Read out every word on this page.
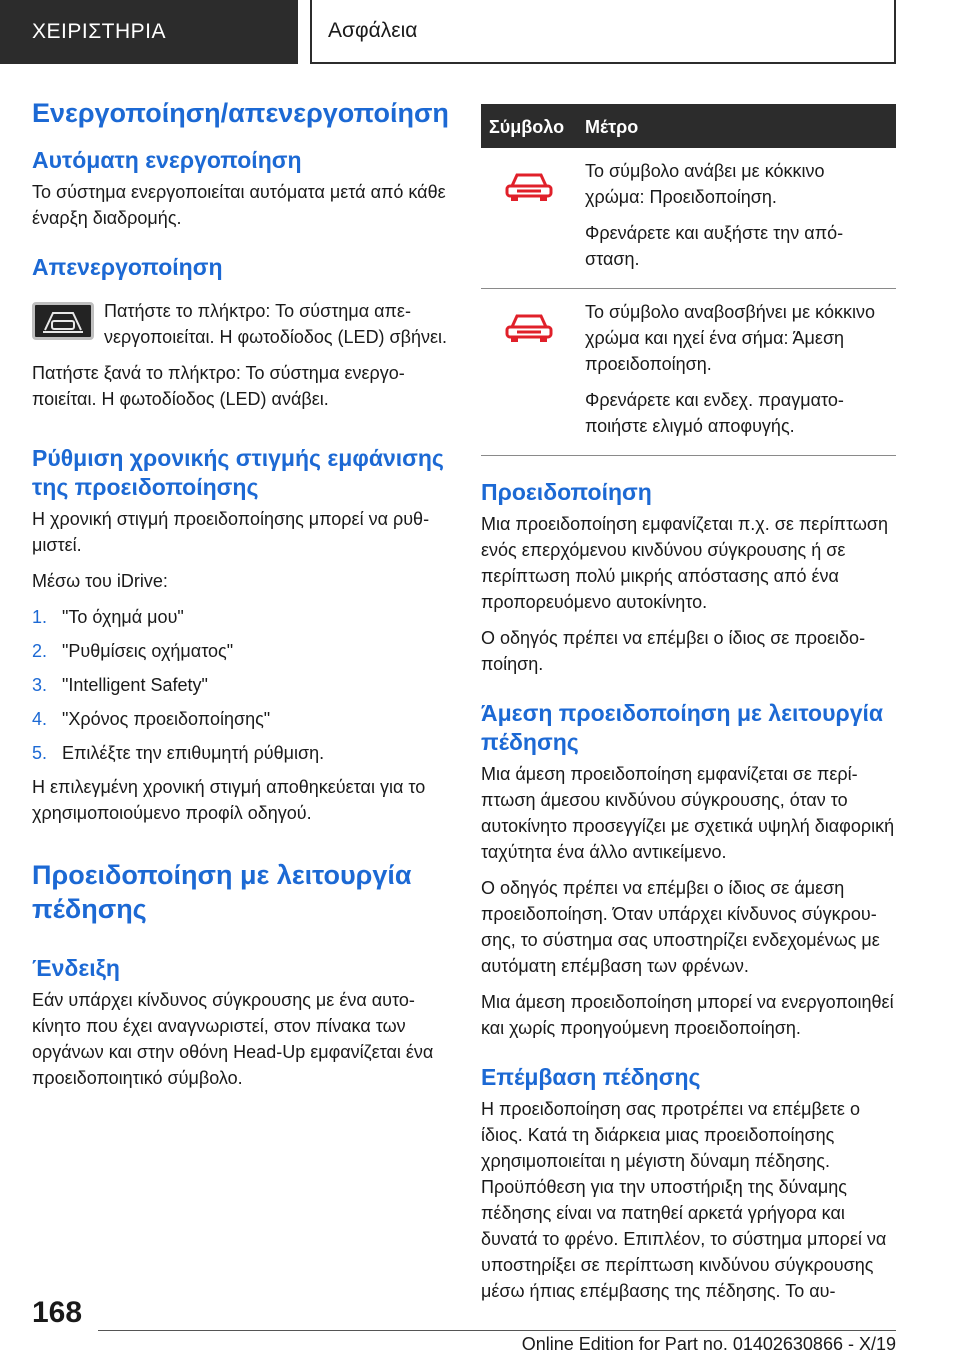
ΧΕΙΡΙΣΤΗΡΙΑ	Ασφάλεια
Ενεργοποίηση/απενεργοποίηση
Αυτόματη ενεργοποίηση

Το σύστημα ενεργοποιείται αυτόματα μετά από κάθε έναρξη διαδρομής.

Απενεργοποίηση

Πατήστε το πλήκτρο: Το σύστημα απενεργοποιείται. Η φωτοδίοδος (LED) σβήνει.

Πατήστε ξανά το πλήκτρο: Το σύστημα ενεργοποιείται. Η φωτοδίοδος (LED) ανάβει.

Ρύθμιση χρονικής στιγμής εμφάνισης της προειδοποίησης

Η χρονική στιγμή προειδοποίησης μπορεί να ρυθμιστεί.

Μέσω του iDrive:

1. "Το όχημά μου"
2. "Ρυθμίσεις οχήματος"
3. "Intelligent Safety"
4. "Χρόνος προειδοποίησης"
5. Επιλέξτε την επιθυμητή ρύθμιση.

Η επιλεγμένη χρονική στιγμή αποθηκεύεται για το χρησιμοποιούμενο προφίλ οδηγού.

Προειδοποίηση με λειτουργία πέδησης
Ένδειξη

Εάν υπάρχει κίνδυνος σύγκρουσης με ένα αυτοκίνητο που έχει αναγνωριστεί, στον πίνακα των οργάνων και στην οθόνη Head-Up εμφανίζεται ένα προειδοποιητικό σύμβολο.

Σύμβολο	Μέτρο

Το σύμβολο ανάβει με κόκκινο χρώμα: Προειδοποίηση.

Φρενάρετε και αυξήστε την απόσταση.

Το σύμβολο αναβοσβήνει με κόκκινο χρώμα και ηχεί ένα σήμα: Άμεση προειδοποίηση.

Φρενάρετε και ενδεχ. πραγματοποιήστε ελιγμό αποφυγής.

Προειδοποίηση

Μια προειδοποίηση εμφανίζεται π.χ. σε περίπτωση ενός επερχόμενου κινδύνου σύγκρουσης ή σε περίπτωση πολύ μικρής απόστασης από ένα προπορευόμενο αυτοκίνητο.

Ο οδηγός πρέπει να επέμβει ο ίδιος σε προειδοποίηση.

Άμεση προειδοποίηση με λειτουργία πέδησης

Μια άμεση προειδοποίηση εμφανίζεται σε περίπτωση άμεσου κινδύνου σύγκρουσης, όταν το αυτοκίνητο προσεγγίζει με σχετικά υψηλή διαφορική ταχύτητα ένα άλλο αντικείμενο.

Ο οδηγός πρέπει να επέμβει ο ίδιος σε άμεση προειδοποίηση. Όταν υπάρχει κίνδυνος σύγκρουσης, το σύστημα σας υποστηρίζει ενδεχομένως με αυτόματη επέμβαση των φρένων.

Μια άμεση προειδοποίηση μπορεί να ενεργοποιηθεί και χωρίς προηγούμενη προειδοποίηση.

Επέμβαση πέδησης

Η προειδοποίηση σας προτρέπει να επέμβετε ο ίδιος. Κατά τη διάρκεια μιας προειδοποίησης χρησιμοποιείται η μέγιστη δύναμη πέδησης. Προϋπόθεση για την υποστήριξη της δύναμης πέδησης είναι να πατηθεί αρκετά γρήγορα και δυνατά το φρένο. Επιπλέον, το σύστημα μπορεί να υποστηρίξει σε περίπτωση κινδύνου σύγκρουσης μέσω ήπιας επέμβασης της πέδησης. Το αυ-

168
Online Edition for Part no. 01402630866 - X/19
